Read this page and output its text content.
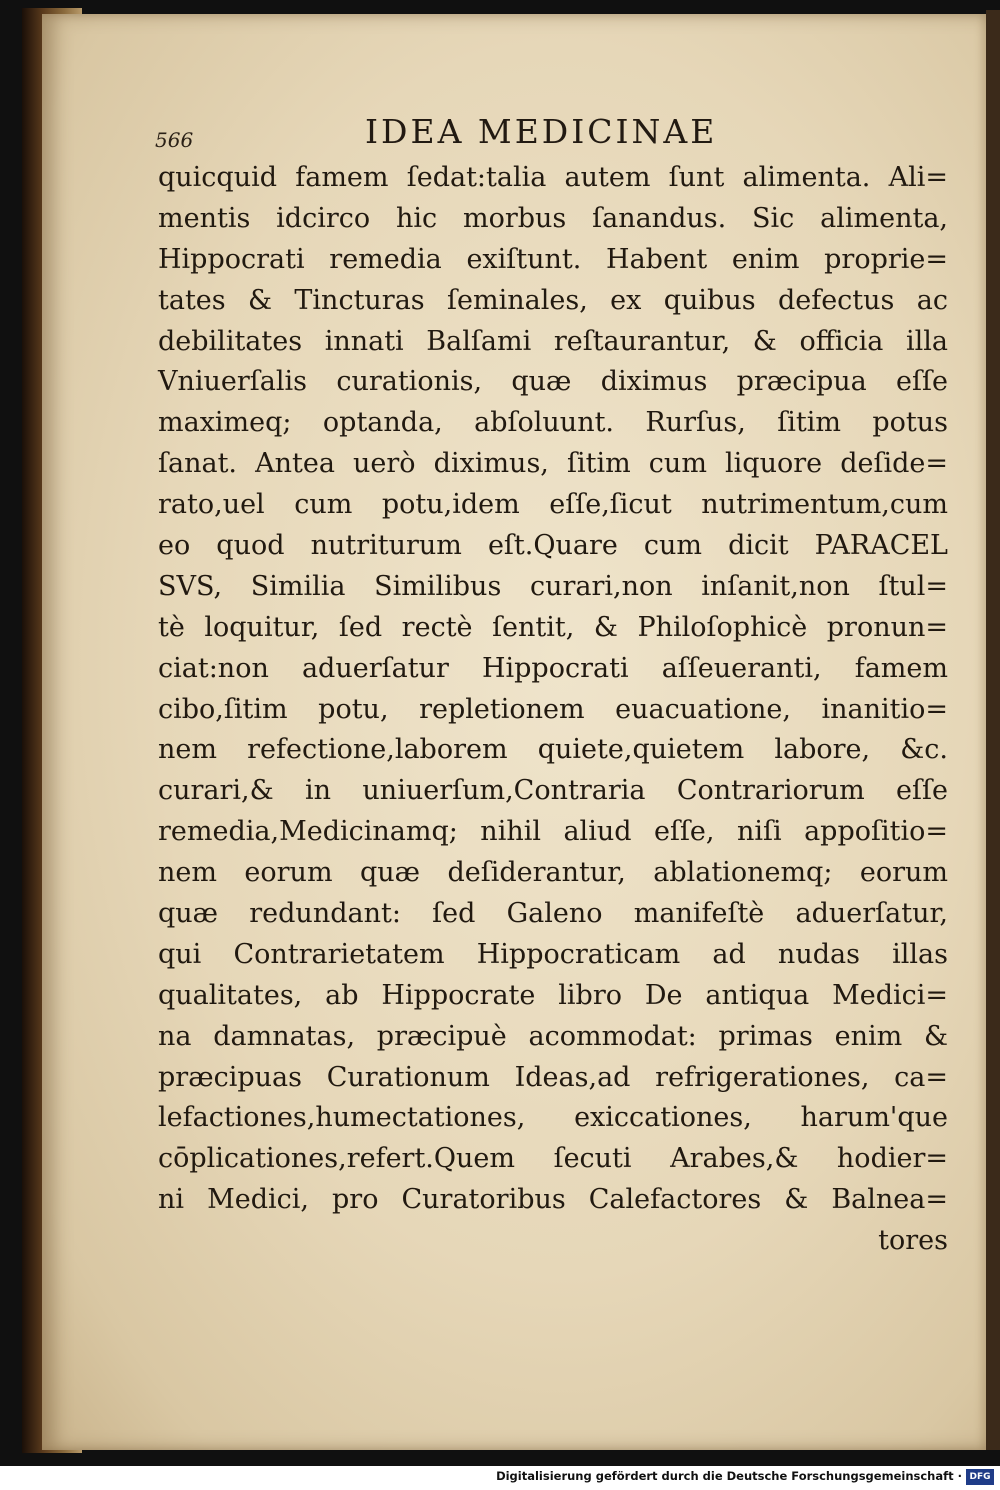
566	IDEA MEDICINAE
quicquid famem ſedat:talia autem ſunt alimenta. Ali=
mentis idcirco hic morbus ſanandus. Sic alimenta,
Hippocrati remedia exiſtunt. Habent enim proprie=
tates & Tincturas ſeminales, ex quibus defectus ac
debilitates innati Balſami reſtaurantur, & officia illa
Vniuerſalis curationis, quæ diximus præcipua eſſe
maximeq; optanda, abſoluunt. Rurſus, ſitim potus
ſanat. Antea uerò diximus, ſitim cum liquore deſide=
rato,uel cum potu,idem eſſe,ſicut nutrimentum,cum
eo quod nutriturum eſt.Quare cum dicit PARACEL
SVS, Similia Similibus curari,non inſanit,non ſtul=
tè loquitur, ſed rectè ſentit, & Philoſophicè pronun=
ciat:non aduerſatur Hippocrati aſſeueranti, famem
cibo,ſitim potu, repletionem euacuatione, inanitio=
nem refectione,laborem quiete,quietem labore, &c.
curari,& in uniuerſum,Contraria Contrariorum eſſe
remedia,Medicinamq; nihil aliud eſſe, niſi appoſitio=
nem eorum quæ deſiderantur, ablationemq; eorum
quæ redundant: ſed Galeno manifeſtè aduerſatur,
qui Contrarietatem Hippocraticam ad nudas illas
qualitates, ab Hippocrate libro De antiqua Medici=
na damnatas, præcipuè acommodat: primas enim &
præcipuas Curationum Ideas,ad refrigerationes, ca=
lefactiones,humectationes, exiccationes, harum'que
cōplicationes,refert.Quem ſecuti Arabes,& hodier=
ni Medici, pro Curatoribus Calefactores & Balnea=
tores
Digitalisierung gefördert durch die Deutsche Forschungsgemeinschaft · DFG
